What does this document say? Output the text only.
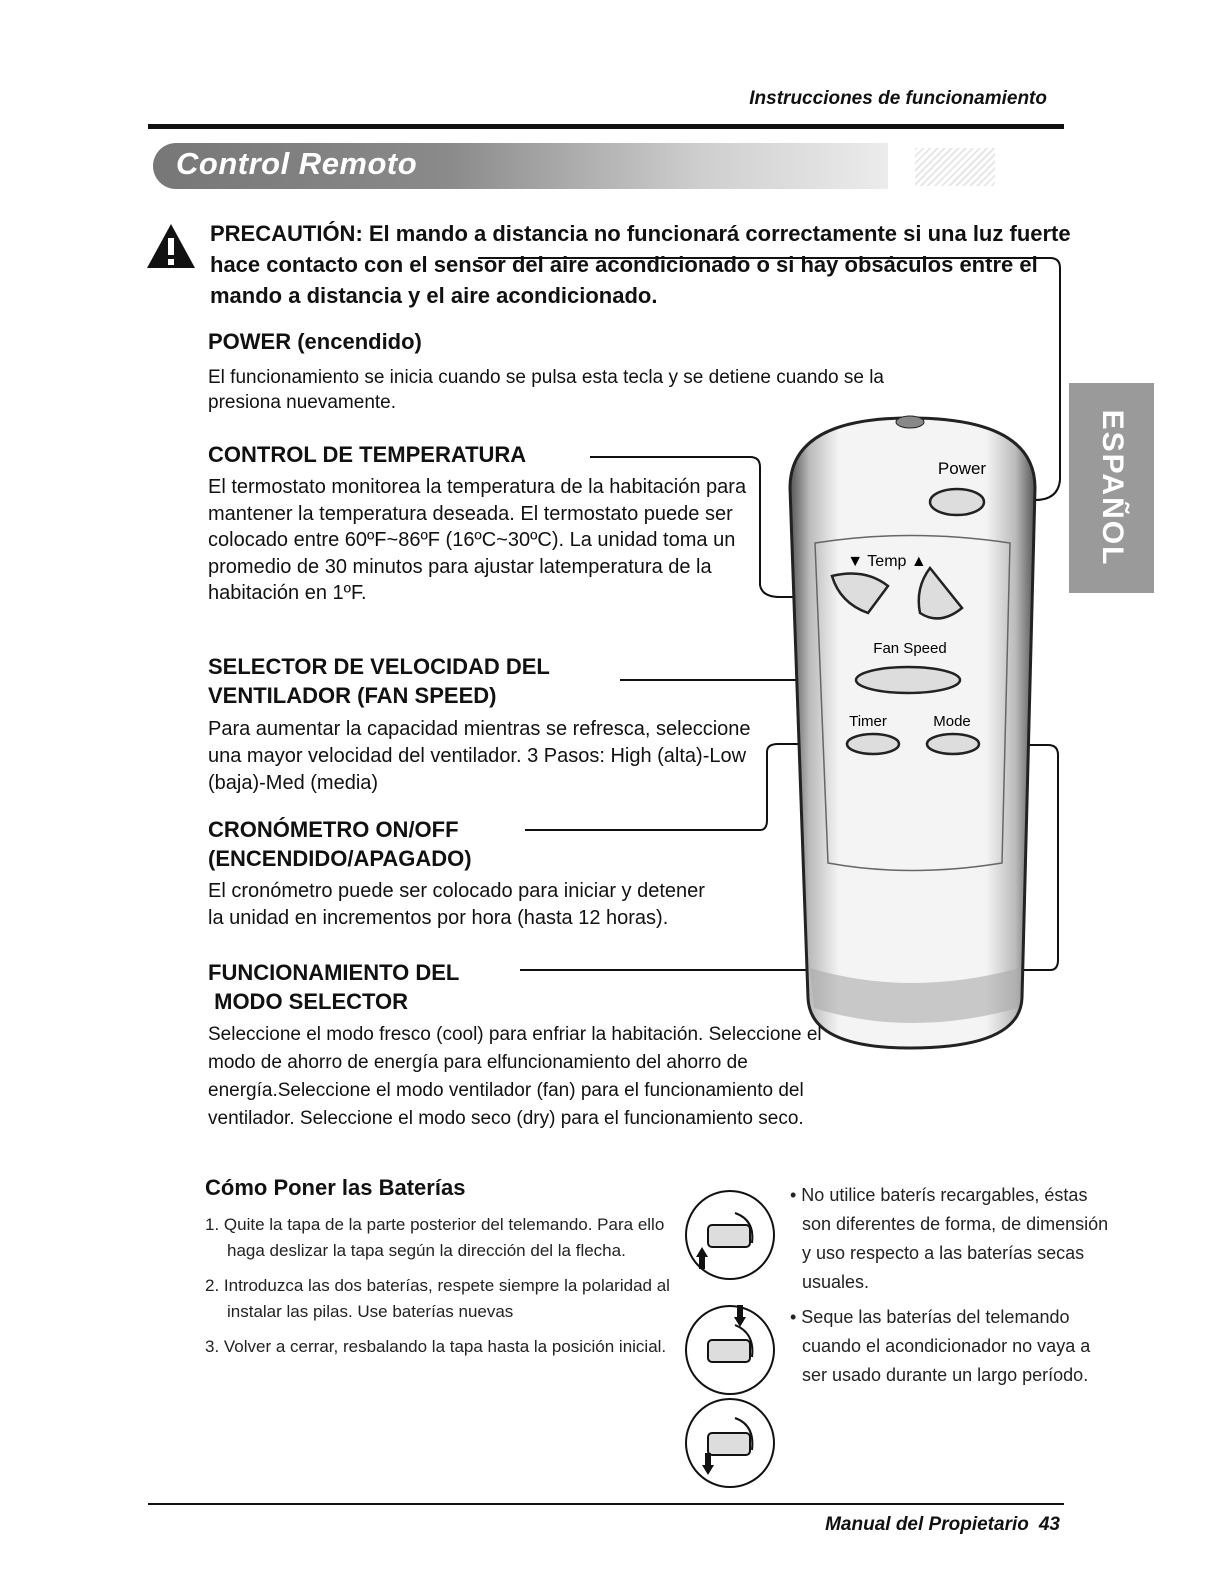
Instrucciones de funcionamiento
Control Remoto
ESPAÑOL
PRECAUTIÓN: El mando a distancia no funcionará correctamente si una luz fuerte hace contacto con el sensor del aire acondicionado o si hay obsáculos entre el mando a distancia y el aire acondicionado.
Power
▼ Temp ▲
Fan Speed
Timer	Mode
POWER (encendido)
El funcionamiento se inicia cuando se pulsa esta tecla y se detiene cuando se la presiona nuevamente.
CONTROL DE TEMPERATURA
El termostato monitorea la temperatura de la habitación para mantener la temperatura deseada. El termostato puede ser colocado entre 60ºF~86ºF (16ºC~30ºC). La unidad toma un promedio de 30 minutos para ajustar latemperatura de la habitación en 1ºF.
SELECTOR DE VELOCIDAD DEL
VENTILADOR (FAN SPEED)
Para aumentar la capacidad mientras se refresca, seleccione una mayor velocidad del ventilador. 3 Pasos: High (alta)-Low (baja)-Med (media)
CRONÓMETRO ON/OFF
(ENCENDIDO/APAGADO)
El cronómetro puede ser colocado para iniciar y detener la unidad en incrementos por hora (hasta 12 horas).
FUNCIONAMIENTO DEL
MODO SELECTOR
Seleccione el modo fresco (cool) para enfriar la habitación. Seleccione el modo de ahorro de energía para elfuncionamiento del ahorro de energía.Seleccione el modo ventilador (fan) para el funcionamiento del ventilador. Seleccione el modo seco (dry) para el funcionamiento seco.
Cómo Poner las Baterías

1. Quite la tapa de la parte posterior del telemando. Para ello haga deslizar la tapa según la dirección del la flecha.

2. Introduzca las dos baterías, respete siempre la polaridad al instalar las pilas. Use baterías nuevas

3. Volver a cerrar, resbalando la tapa hasta la posición inicial.

• No utilice baterís recargables, éstas son diferentes de forma, de dimensión y uso respecto a las baterías secas usuales.

• Seque las baterías del telemando cuando el acondicionador no vaya a ser usado durante un largo período.

Manual del Propietario 43
